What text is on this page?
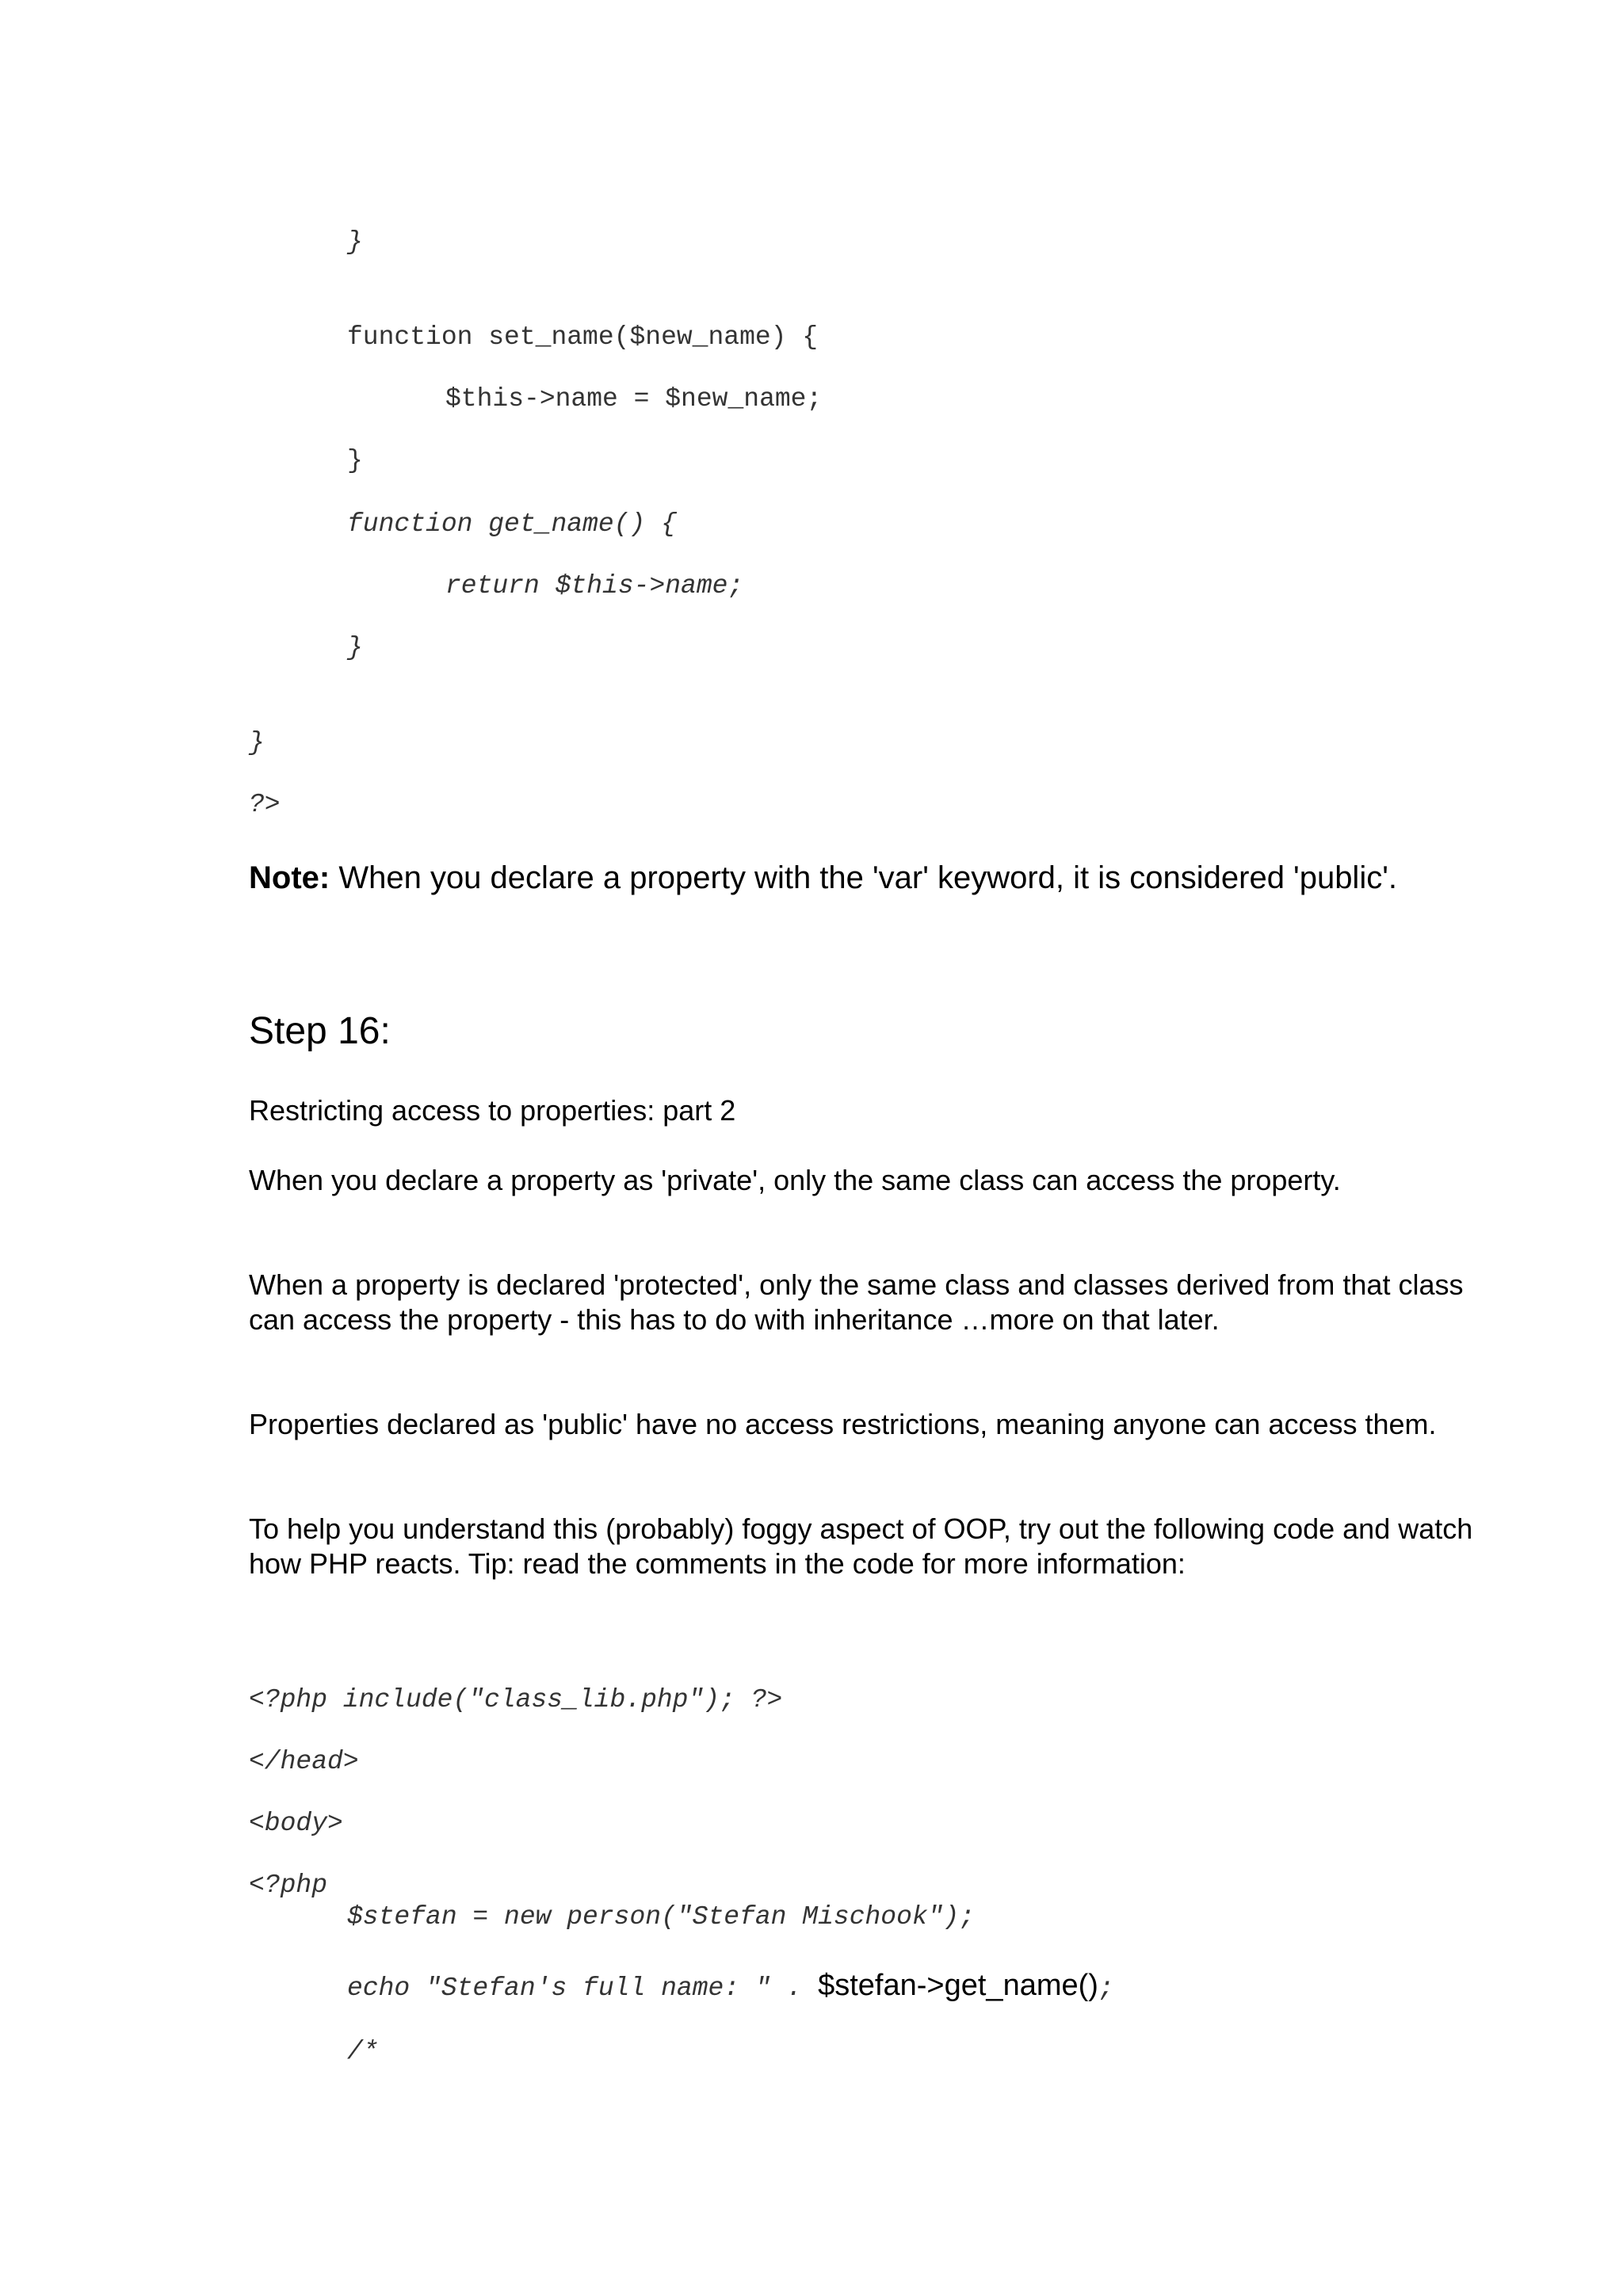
}
function set_name($new_name) {
$this->name = $new_name;
}
function get_name() {
return $this->name;
}
}
?>
Note: When you declare a property with the 'var' keyword, it is considered 'public'.
Step 16:
Restricting access to properties: part 2
When you declare a property as 'private', only the same class can access the property.
When a property is declared 'protected', only the same class and classes derived from that class can access the property - this has to do with inheritance …more on that later.
Properties declared as 'public' have no access restrictions, meaning anyone can access them.
To help you understand this (probably) foggy aspect of OOP, try out the following code and watch how PHP reacts. Tip: read the comments in the code for more information:
<?php include("class_lib.php"); ?>
</head>
<body>
<?php
$stefan = new person("Stefan Mischook");
echo "Stefan's full name: " . $stefan->get_name();
/*
